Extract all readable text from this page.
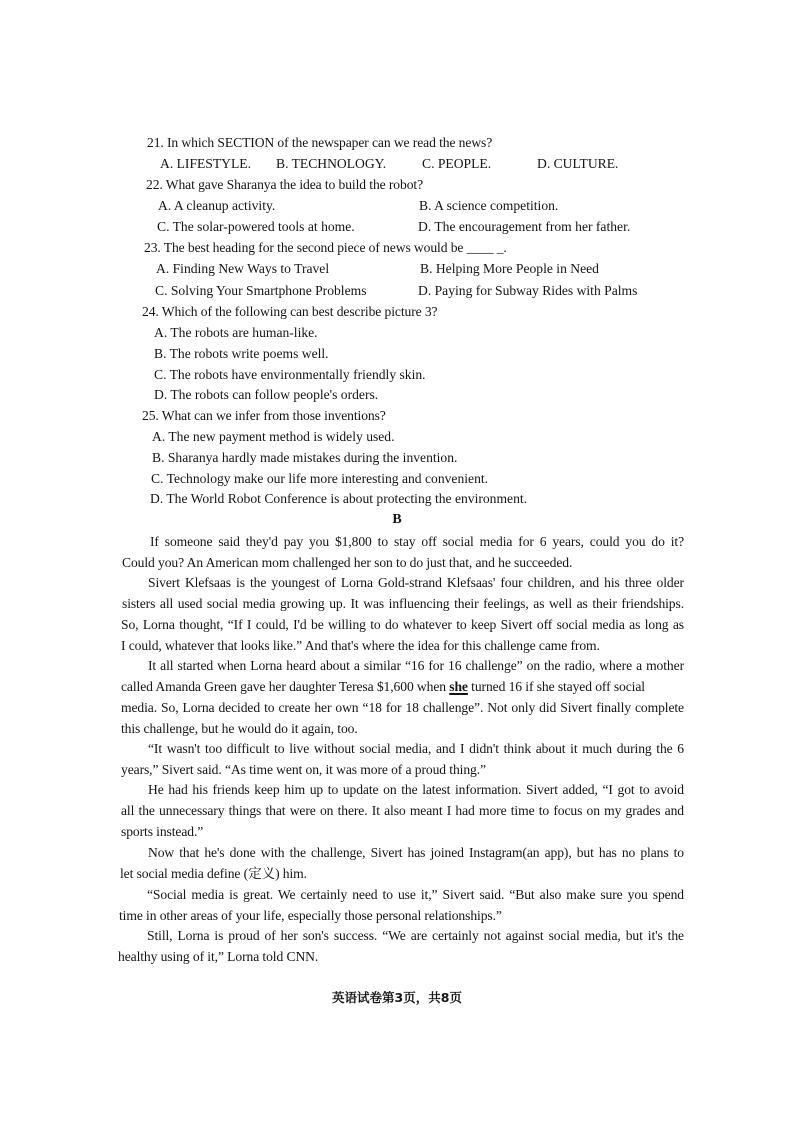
21. In which SECTION of the newspaper can we read the news?
A. LIFESTYLE. B. TECHNOLOGY.	C. PEOPLE.	D. CULTURE.
22. What gave Sharanya the idea to build the robot?
A. A cleanup activity.	B. A science competition.
C. The solar-powered tools at home.	D. The encouragement from her father.
23. The best heading for the second piece of news would be ____ _.
A. Finding New Ways to Travel	B. Helping More People in Need
C. Solving Your Smartphone Problems	D. Paying for Subway Rides with Palms
24. Which of the following can best describe picture 3?
A. The robots are human-like.
B. The robots write poems well.
C. The robots have environmentally friendly skin.
D. The robots can follow people's orders.
25. What can we infer from those inventions?
A. The new payment method is widely used.
B. Sharanya hardly made mistakes during the invention.
C. Technology make our life more interesting and convenient.
D. The World Robot Conference is about protecting the environment.
B
If someone said they'd pay you $1,800 to stay off social media for 6 years, could you do it?
Could you? An American mom challenged her son to do just that, and he succeeded.
Sivert Klefsaas is the youngest of Lorna Gold-strand Klefsaas' four children, and his three older
sisters all used social media growing up. It was influencing their feelings, as well as their friendships.
So, Lorna thought, “If I could, I'd be willing to do whatever to keep Sivert off social media as long as
I could, whatever that looks like.” And that's where the idea for this challenge came from.
It all started when Lorna heard about a similar “16 for 16 challenge” on the radio, where a mother
called Amanda Green gave her daughter Teresa $1,600 when she turned 16 if she stayed off social
media. So, Lorna decided to create her own “18 for 18 challenge”. Not only did Sivert finally complete
this challenge, but he would do it again, too.
“It wasn't too difficult to live without social media, and I didn't think about it much during the 6
years,” Sivert said. “As time went on, it was more of a proud thing.”
He had his friends keep him up to update on the latest information. Sivert added, “I got to avoid
all the unnecessary things that were on there. It also meant I had more time to focus on my grades and
sports instead.”
Now that he's done with the challenge, Sivert has joined Instagram(an app), but has no plans to
let social media define (定义) him.
“Social media is great. We certainly need to use it,” Sivert said. “But also make sure you spend
time in other areas of your life, especially those personal relationships.”
Still, Lorna is proud of her son's success. “We are certainly not against social media, but it's the
healthy using of it,” Lorna told CNN.
英语试卷第3页，共8页
